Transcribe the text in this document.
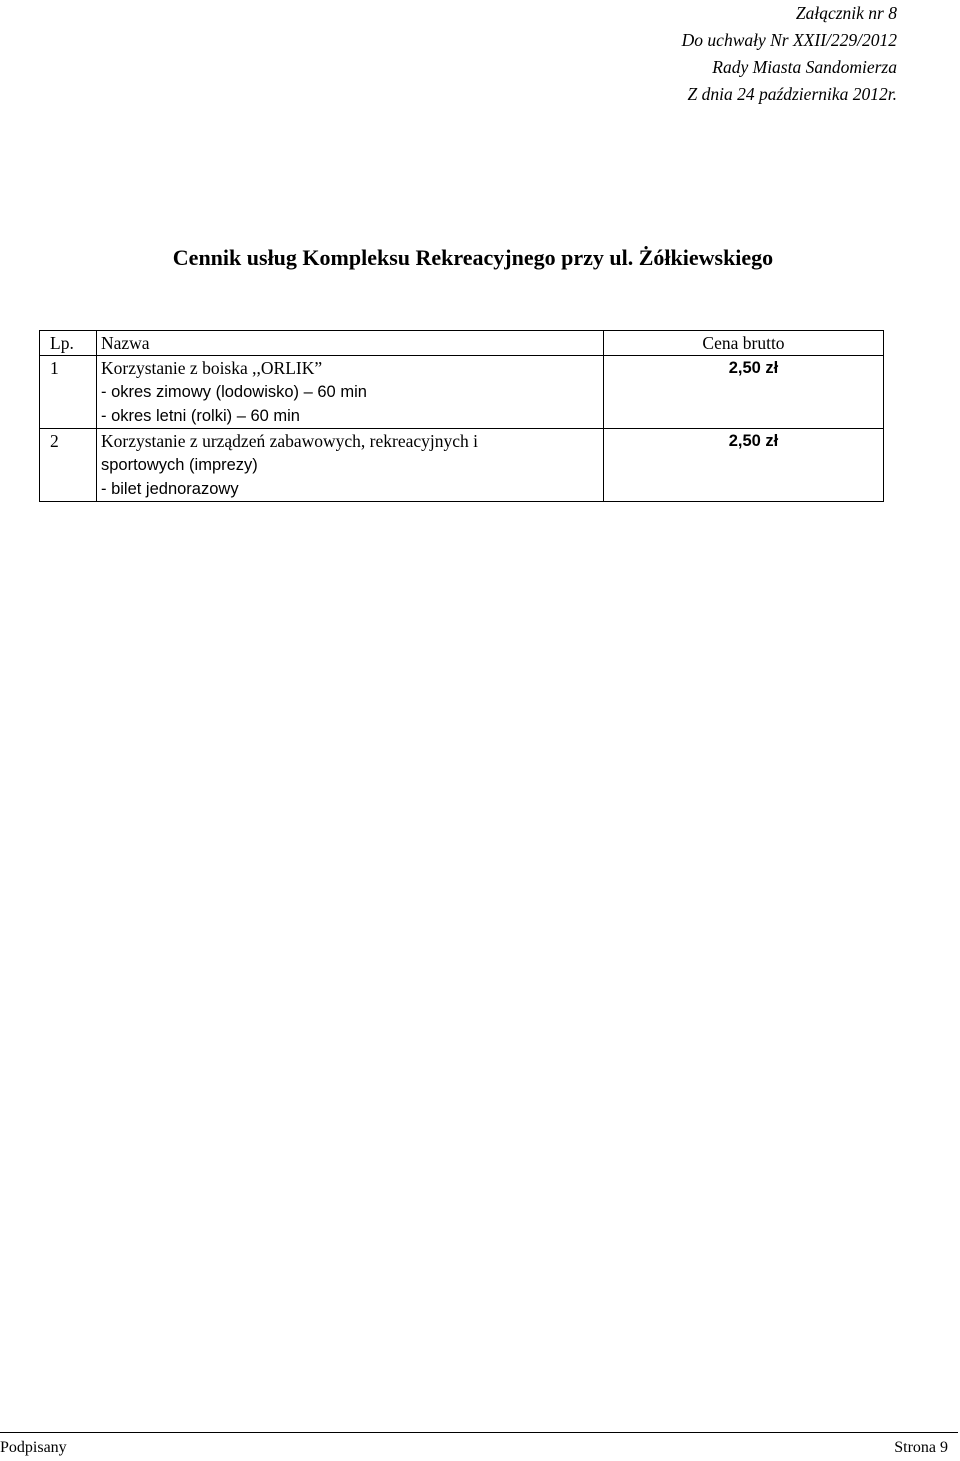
Załącznik nr 8
Do uchwały Nr XXII/229/2012
Rady Miasta Sandomierza
Z dnia 24 października 2012r.
Cennik usług Kompleksu Rekreacyjnego przy ul. Żółkiewskiego
Lp.	Nazwa	Cena brutto

1	Korzystanie z boiska ,,ORLIK”
- okres zimowy (lodowisko) – 60 min
- okres letni (rolki) – 60 min	2,50 zł

2	Korzystanie z urządzeń zabawowych, rekreacyjnych i
sportowych (imprezy)
- bilet jednorazowy	2,50 zł
Podpisany	Strona 9
